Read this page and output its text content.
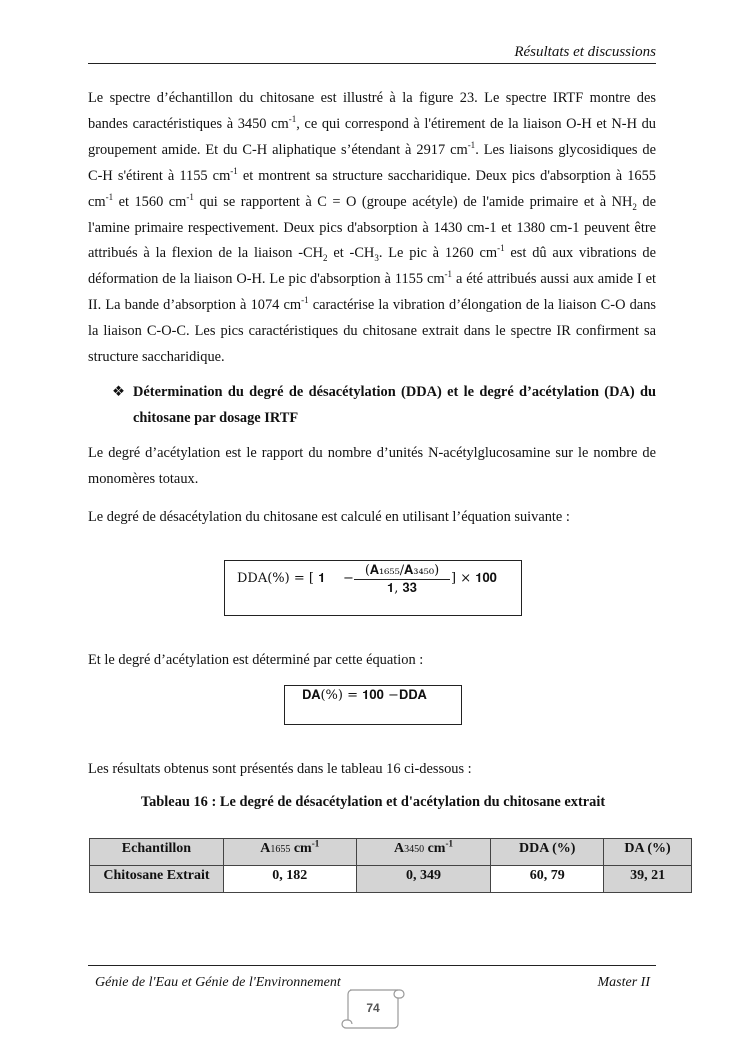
Résultats et discussions
Le spectre d’échantillon du chitosane est illustré à la figure 23. Le spectre IRTF montre des bandes caractéristiques à 3450 $cm^{-1}$, ce qui correspond à l'étirement de la liaison O-H et N-H du groupement amide. Et du C-H aliphatique s’étendant à 2917 $cm^{-1}$. Les liaisons glycosidiques de C-H s'étirent à 1155 $cm^{-1}$ et montrent sa structure saccharidique. Deux pics d'absorption à 1655 $cm^{-1}$ et 1560 $cm^{-1}$ qui se rapportent à C = O (groupe acétyle) de l'amide primaire et à $NH_2$ de l'amine primaire respectivement. Deux pics d'absorption à 1430 cm-1 et 1380 cm-1 peuvent être attribués à la flexion de la liaison $-CH_2$ et $-CH_3$. Le pic à 1260 $cm^{-1}$ est dû aux vibrations de déformation de la liaison O-H. Le pic d'absorption à 1155 $cm^{-1}$ a été attribués aussi aux amide I et II. La bande d’absorption à 1074 $cm^{-1}$ caractérise la vibration d’élongation de la liaison C-O dans la liaison C-O-C. Les pics caractéristiques du chitosane extrait dans le spectre IR confirment sa structure saccharidique.
❖ Détermination du degré de désacétylation (DDA) et le degré d’acétylation (DA) du chitosane par dosage IRTF
Le degré d’acétylation est le rapport du nombre d’unités N-acétylglucosamine sur le nombre de monomères totaux.
Le degré de désacétylation du chitosane est calculé en utilisant l’équation suivante :
DDA(%) = [ 𝟏 −
(𝐀₁₆₅₅/𝐀₃₄₅₀)
𝟏, 𝟑𝟑
] × 𝟏𝟎𝟎
Et le degré d’acétylation est déterminé par cette équation :
𝐃𝐀(%) = 𝟏𝟎𝟎 −𝐃𝐃𝐀
Les résultats obtenus sont présentés dans le tableau 16 ci-dessous :
Tableau 16 : Le degré de désacétylation et d'acétylation du chitosane extrait
Echantillon	A1655 $cm^{-1}$	A3450 $cm^{-1}$	DDA (%)	DA (%)
Chitosane Extrait	0, 182	0, 349	60, 79	39, 21
Génie de l'Eau et Génie de l'Environnement	Master II
74
